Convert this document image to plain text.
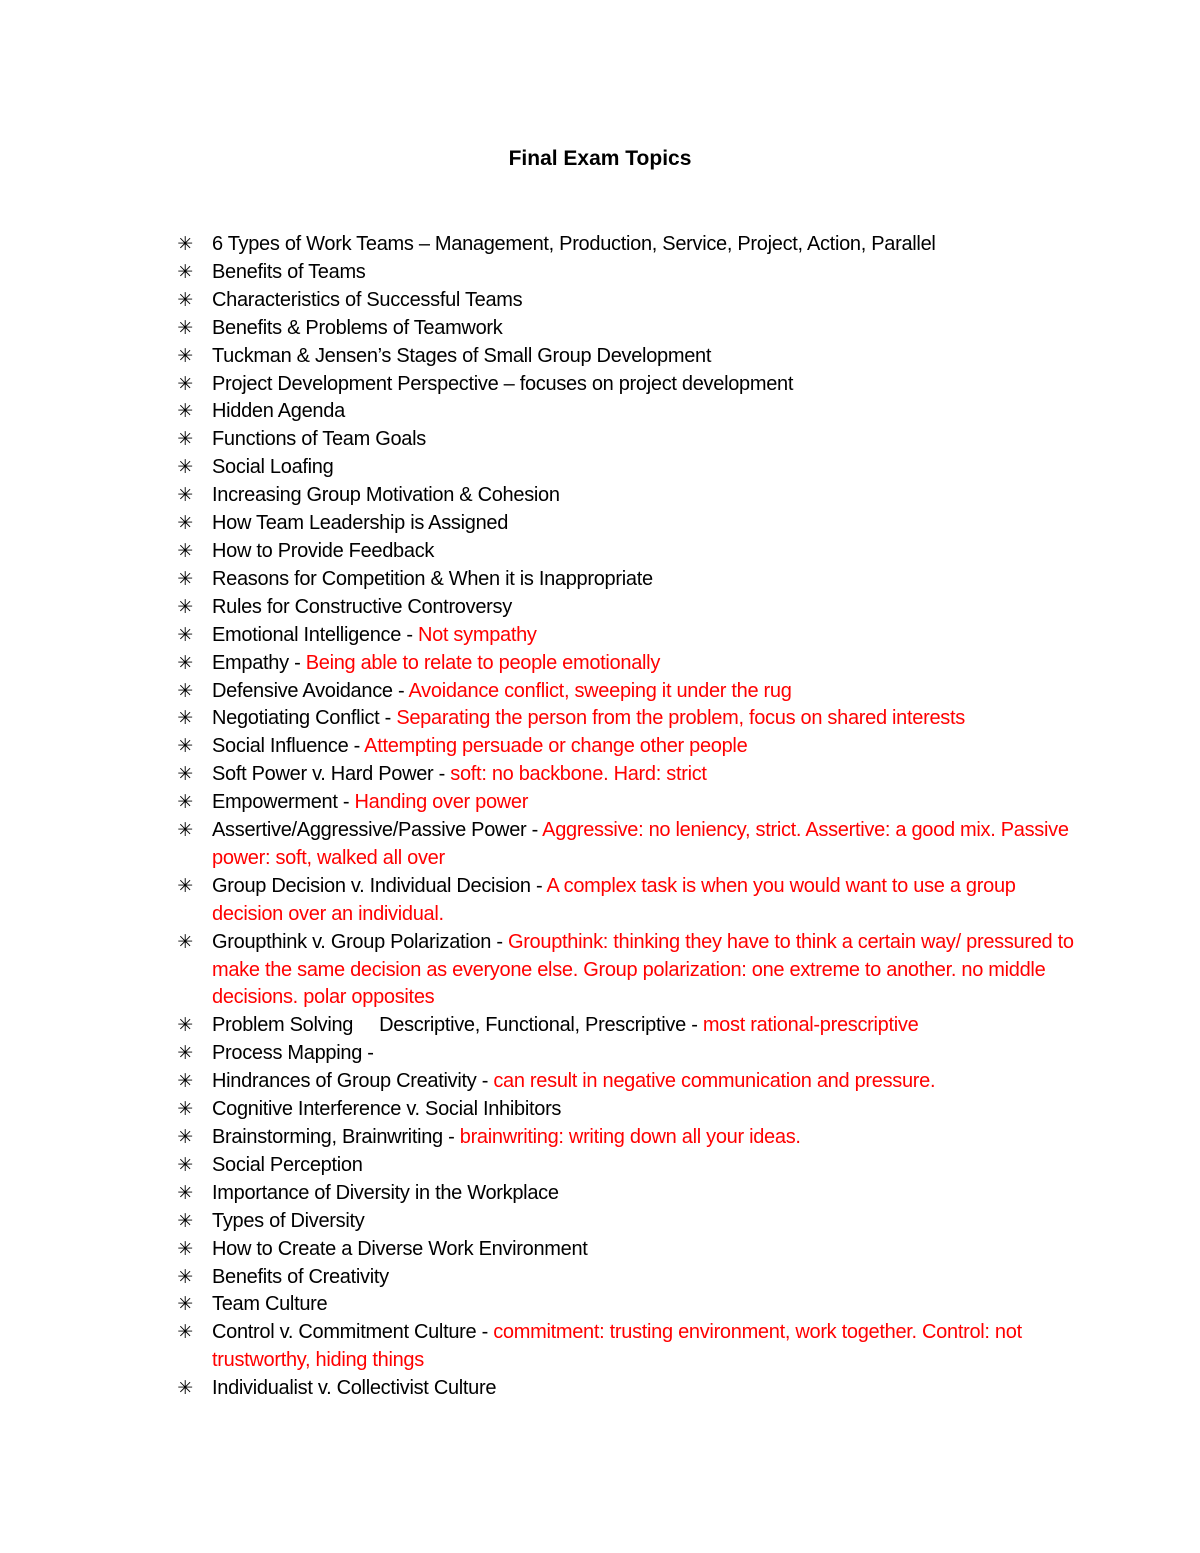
Final Exam Topics
✳ 6 Types of Work Teams – Management, Production, Service, Project, Action, Parallel
✳ Benefits of Teams
✳ Characteristics of Successful Teams
✳ Benefits & Problems of Teamwork
✳ Tuckman & Jensen’s Stages of Small Group Development
✳ Project Development Perspective – focuses on project development
✳ Hidden Agenda
✳ Functions of Team Goals
✳ Social Loafing
✳ Increasing Group Motivation & Cohesion
✳ How Team Leadership is Assigned
✳ How to Provide Feedback
✳ Reasons for Competition & When it is Inappropriate
✳ Rules for Constructive Controversy
✳ Emotional Intelligence - Not sympathy
✳ Empathy - Being able to relate to people emotionally
✳ Defensive Avoidance - Avoidance conflict, sweeping it under the rug
✳ Negotiating Conflict - Separating the person from the problem, focus on shared interests
✳ Social Influence - Attempting persuade or change other people
✳ Soft Power v. Hard Power - soft: no backbone. Hard: strict
✳ Empowerment - Handing over power
✳ Assertive/Aggressive/Passive Power - Aggressive: no leniency, strict. Assertive: a good mix. Passive power: soft, walked all over
✳ Group Decision v. Individual Decision - A complex task is when you would want to use a group decision over an individual.
✳ Groupthink v. Group Polarization - Groupthink: thinking they have to think a certain way/ pressured to make the same decision as everyone else. Group polarization: one extreme to another. no middle decisions. polar opposites
✳ Problem Solving Descriptive, Functional, Prescriptive - most rational-prescriptive
✳ Process Mapping -
✳ Hindrances of Group Creativity - can result in negative communication and pressure.
✳ Cognitive Interference v. Social Inhibitors
✳ Brainstorming, Brainwriting - brainwriting: writing down all your ideas.
✳ Social Perception
✳ Importance of Diversity in the Workplace
✳ Types of Diversity
✳ How to Create a Diverse Work Environment
✳ Benefits of Creativity
✳ Team Culture
✳ Control v. Commitment Culture - commitment: trusting environment, work together. Control: not trustworthy, hiding things
✳ Individualist v. Collectivist Culture
